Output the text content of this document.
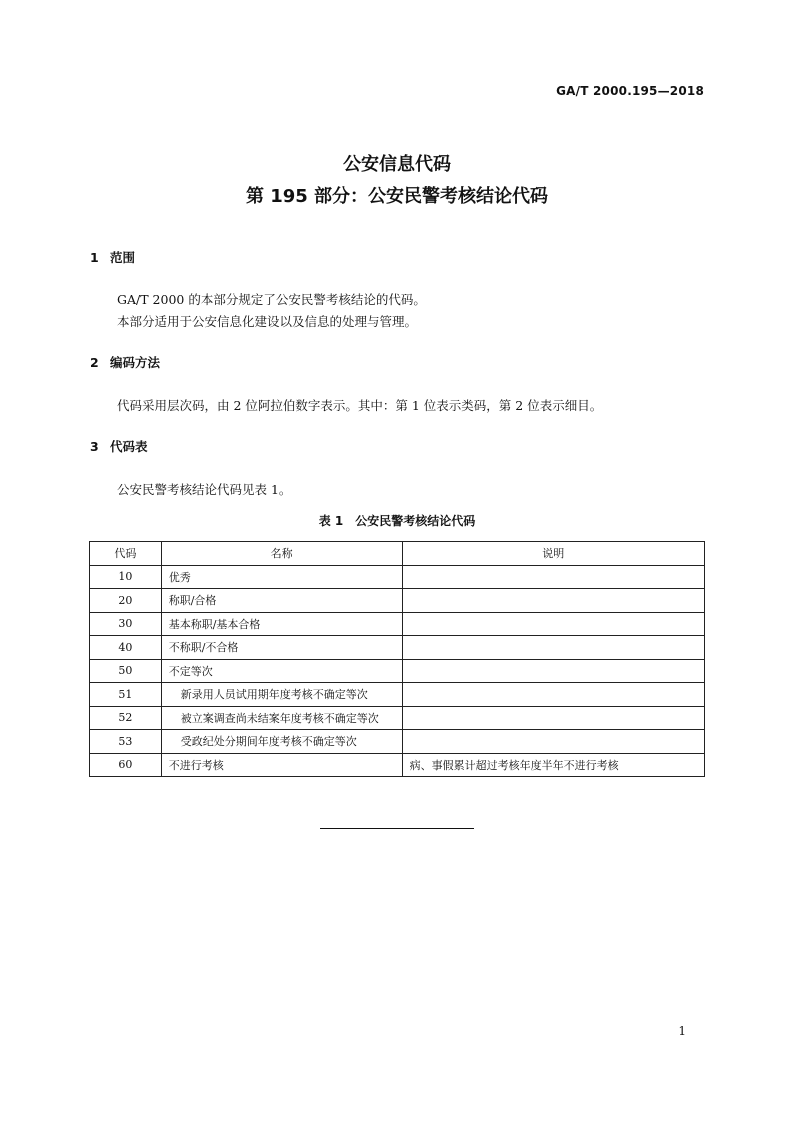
GA/T 2000.195—2018
公安信息代码
第 195 部分：公安民警考核结论代码
1 范围
GA/T 2000 的本部分规定了公安民警考核结论的代码。
本部分适用于公安信息化建设以及信息的处理与管理。
2 编码方法
代码采用层次码，由 2 位阿拉伯数字表示。其中：第 1 位表示类码，第 2 位表示细目。
3 代码表
公安民警考核结论代码见表 1。
表 1　公安民警考核结论代码
代码	名称	说明
10	优秀	
20	称职/合格	
30	基本称职/基本合格	
40	不称职/不合格	
50	不定等次	
51	新录用人员试用期年度考核不确定等次	
52	被立案调查尚未结案年度考核不确定等次	
53	受政纪处分期间年度考核不确定等次	
60	不进行考核	病、事假累计超过考核年度半年不进行考核
1
